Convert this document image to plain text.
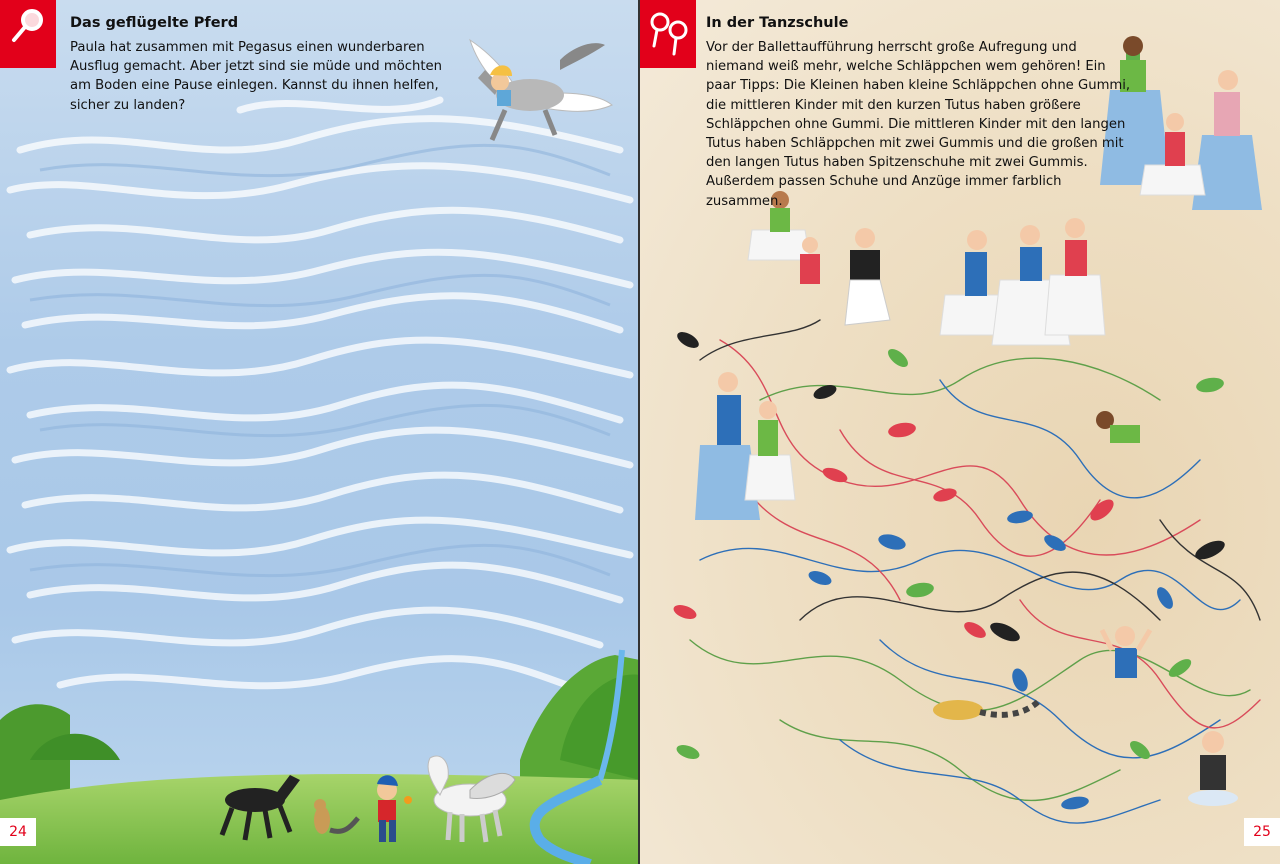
Das geflügelte Pferd
Paula hat zusammen mit Pegasus einen wunderbaren
Ausflug gemacht. Aber jetzt sind sie müde und möchten
am Boden eine Pause einlegen. Kannst du ihnen helfen,
sicher zu landen?
24
In der Tanzschule
Vor der Ballettaufführung herrscht große Aufregung und
niemand weiß mehr, welche Schläppchen wem gehören! Ein
paar Tipps: Die Kleinen haben kleine Schläppchen ohne Gummi,
die mittleren Kinder mit den kurzen Tutus haben größere
Schläppchen ohne Gummi. Die mittleren Kinder mit den langen
Tutus haben Schläppchen mit zwei Gummis und die großen mit
den langen Tutus haben Spitzenschuhe mit zwei Gummis.
Außerdem passen Schuhe und Anzüge immer farblich
zusammen.
25
